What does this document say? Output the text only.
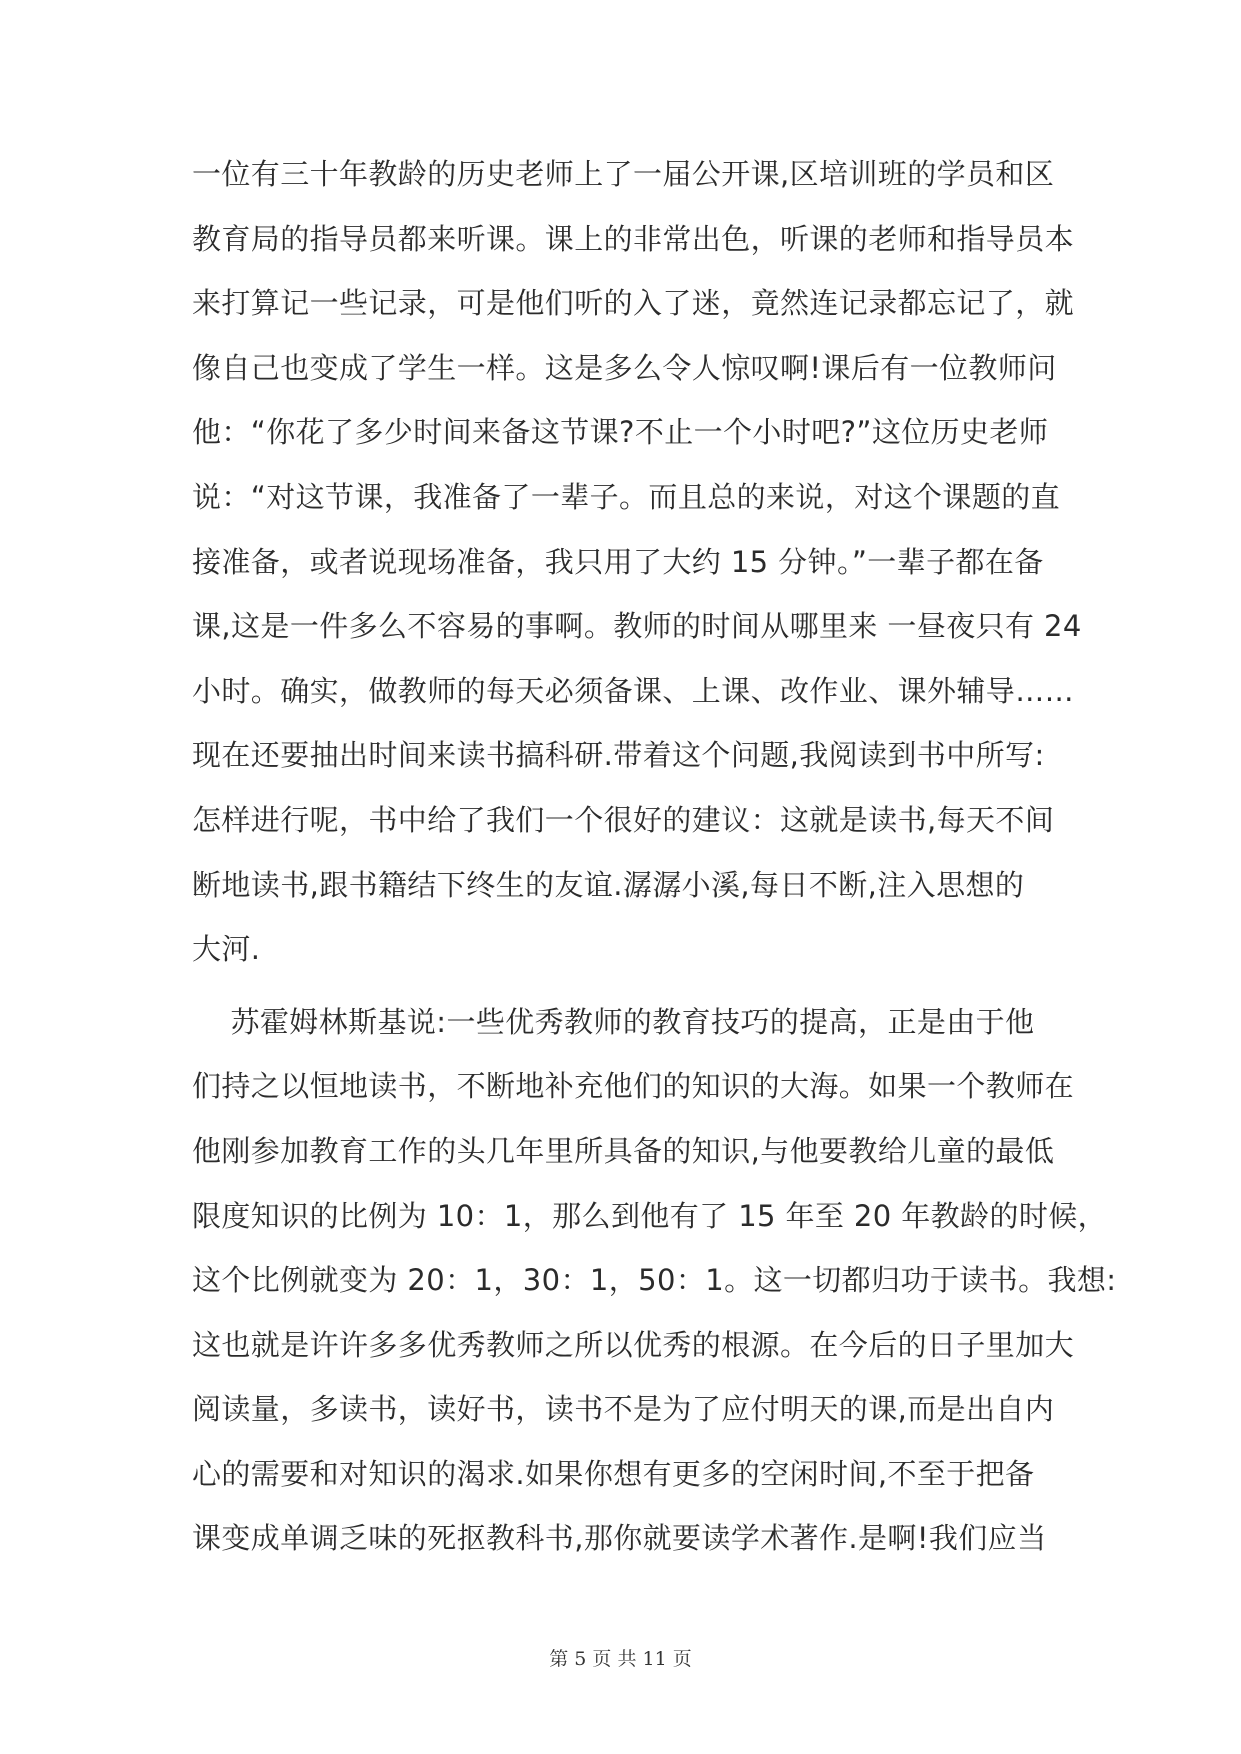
一位有三十年教龄的历史老师上了一届公开课,区培训班的学员和区
教育局的指导员都来听课。课上的非常出色，听课的老师和指导员本
来打算记一些记录，可是他们听的入了迷，竟然连记录都忘记了，就
像自己也变成了学生一样。这是多么令人惊叹啊!课后有一位教师问
他：“你花了多少时间来备这节课?不止一个小时吧?”这位历史老师
说：“对这节课，我准备了一辈子。而且总的来说，对这个课题的直
接准备，或者说现场准备，我只用了大约 15 分钟。”一辈子都在备
课,这是一件多么不容易的事啊。教师的时间从哪里来 一昼夜只有 24
小时。确实，做教师的每天必须备课、上课、改作业、课外辅导……
现在还要抽出时间来读书搞科研.带着这个问题,我阅读到书中所写:
怎样进行呢，书中给了我们一个很好的建议：这就是读书,每天不间
断地读书,跟书籍结下终生的友谊.潺潺小溪,每日不断,注入思想的
大河.
苏霍姆林斯基说:一些优秀教师的教育技巧的提高，正是由于他
们持之以恒地读书，不断地补充他们的知识的大海。如果一个教师在
他刚参加教育工作的头几年里所具备的知识,与他要教给儿童的最低
限度知识的比例为 10：1，那么到他有了 15 年至 20 年教龄的时候，
这个比例就变为 20：1，30：1，50：1。这一切都归功于读书。我想:
这也就是许许多多优秀教师之所以优秀的根源。在今后的日子里加大
阅读量，多读书，读好书，读书不是为了应付明天的课,而是出自内
心的需要和对知识的渴求.如果你想有更多的空闲时间,不至于把备
课变成单调乏味的死抠教科书,那你就要读学术著作.是啊!我们应当
第 5 页 共 11 页
